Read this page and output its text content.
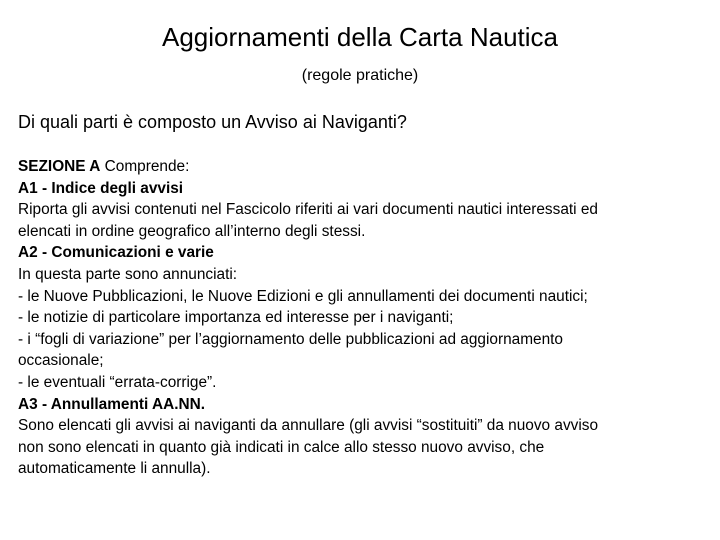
Aggiornamenti della Carta Nautica
(regole pratiche)
Di quali parti è composto un Avviso ai Naviganti?
SEZIONE A Comprende:
A1 - Indice degli avvisi
Riporta gli avvisi contenuti nel Fascicolo riferiti ai vari documenti nautici interessati ed
elencati in ordine geografico all’interno degli stessi.
A2 - Comunicazioni e varie
In questa parte sono annunciati:
- le Nuove Pubblicazioni, le Nuove Edizioni e gli annullamenti dei documenti nautici;
- le notizie di particolare importanza ed interesse per i naviganti;
- i “fogli di variazione” per l’aggiornamento delle pubblicazioni ad aggiornamento
occasionale;
- le eventuali “errata-corrige”.
A3 - Annullamenti AA.NN.
Sono elencati gli avvisi ai naviganti da annullare (gli avvisi “sostituiti” da nuovo avviso
non sono elencati in quanto già indicati in calce allo stesso nuovo avviso, che
automaticamente li annulla).
